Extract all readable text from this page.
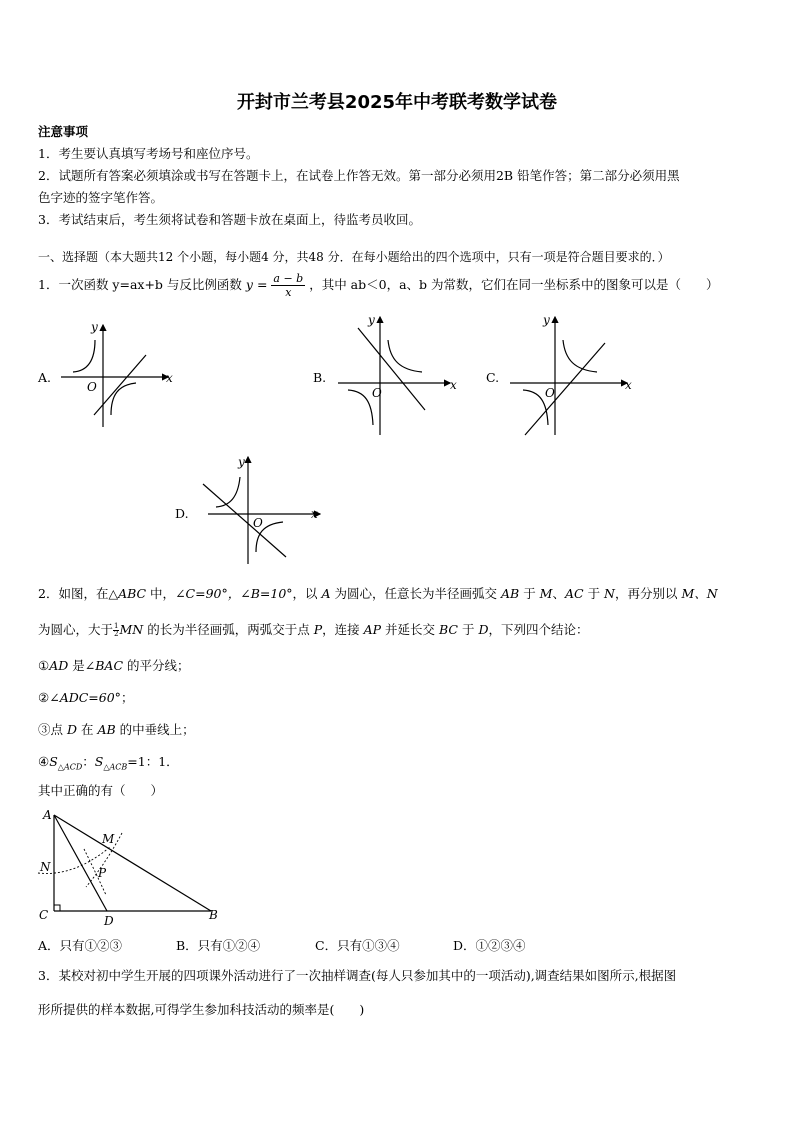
开封市兰考县2025年中考联考数学试卷
注意事项
1．考生要认真填写考场号和座位序号。
2．试题所有答案必须填涂或书写在答题卡上，在试卷上作答无效。第一部分必须用2B 铅笔作答；第二部分必须用黑
色字迹的签字笔作答。
3．考试结束后，考生须将试卷和答题卡放在桌面上，待监考员收回。
一、选择题（本大题共12 个小题，每小题4 分，共48 分．在每小题给出的四个选项中，只有一项是符合题目要求的．）
1．一次函数 y=ax+b 与反比例函数 $y = \frac{a - b}{x}$ ，其中 ab＜0，a、b 为常数，它们在同一坐标系中的图象可以是（　　）
A.	x
y
O
B.	x
y
O
C.	x
y
O
D.	x
y
O
2．如图，在△ABC 中，∠C=90°，∠B=10°，以 A 为圆心，任意长为半径画弧交 AB 于 M、AC 于 N，再分别以 M、N
为圆心，大于 $\frac{1}{2}MN$ 的长为半径画弧，两弧交于点 P，连接 AP 并延长交 BC 于 D，下列四个结论：
①AD 是∠BAC 的平分线；
②∠ADC=60°；
③点 D 在 AB 的中垂线上；
$④S_{\triangle ACD}$：$S_{\triangle ACB}=1$：1．
其中正确的有（　　）
A
B
C	D
M
N	P
A．只有①②③	B．只有①②④	C．只有①③④	D．①②③④
3．某校对初中学生开展的四项课外活动进行了一次抽样调查(每人只参加其中的一项活动),调查结果如图所示,根据图
形所提供的样本数据,可得学生参加科技活动的频率是(　　)
